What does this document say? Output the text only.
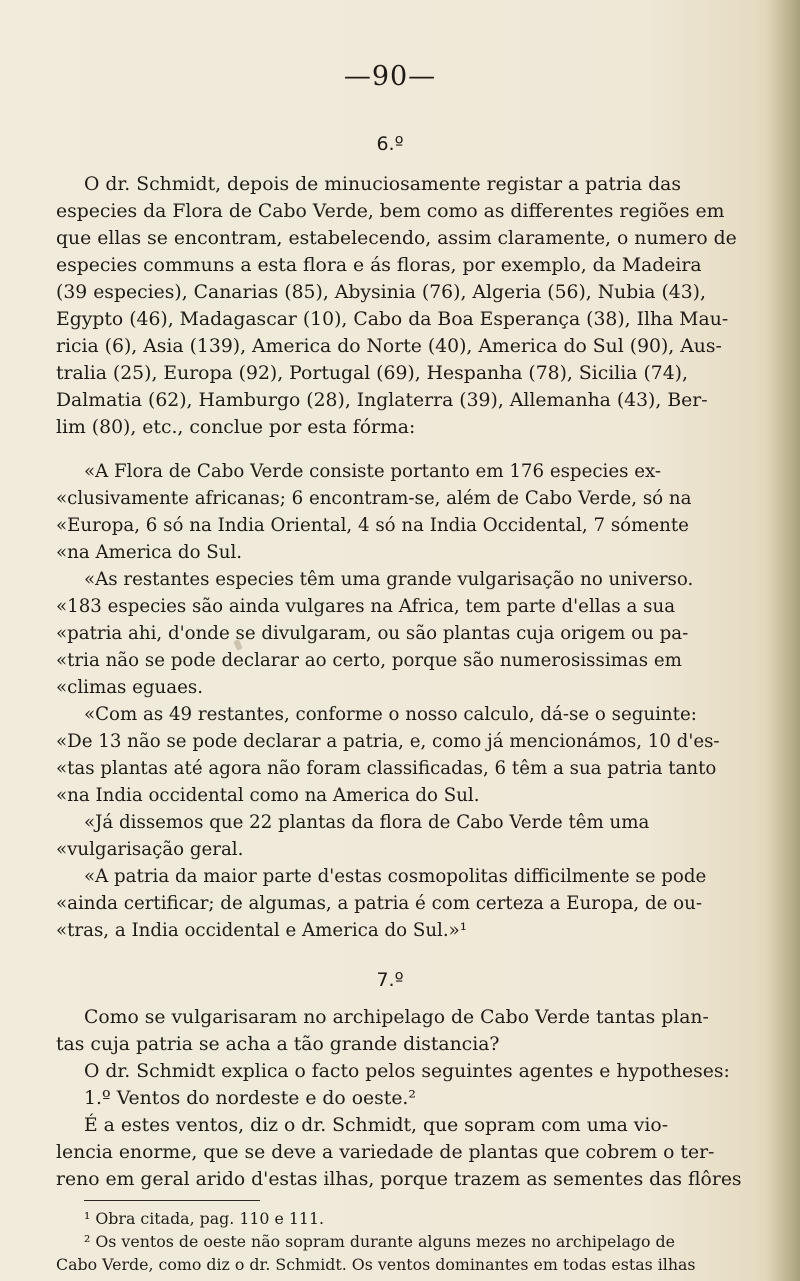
—90—
6.º
O dr. Schmidt, depois de minuciosamente registar a patria das
especies da Flora de Cabo Verde, bem como as differentes regiões em
que ellas se encontram, estabelecendo, assim claramente, o numero de
especies communs a esta flora e ás floras, por exemplo, da Madeira
(39 especies), Canarias (85), Abysinia (76), Algeria (56), Nubia (43),
Egypto (46), Madagascar (10), Cabo da Boa Esperança (38), Ilha Mau-
ricia (6), Asia (139), America do Norte (40), America do Sul (90), Aus-
tralia (25), Europa (92), Portugal (69), Hespanha (78), Sicilia (74),
Dalmatia (62), Hamburgo (28), Inglaterra (39), Allemanha (43), Ber-
lim (80), etc., conclue por esta fórma:
«A Flora de Cabo Verde consiste portanto em 176 especies ex-
«clusivamente africanas; 6 encontram-se, além de Cabo Verde, só na
«Europa, 6 só na India Oriental, 4 só na India Occidental, 7 sómente
«na America do Sul.
«As restantes especies têm uma grande vulgarisação no universo.
«183 especies são ainda vulgares na Africa, tem parte d'ellas a sua
«patria ahi, d'onde se divulgaram, ou são plantas cuja origem ou pa-
«tria não se pode declarar ao certo, porque são numerosissimas em
«climas eguaes.
«Com as 49 restantes, conforme o nosso calculo, dá-se o seguinte:
«De 13 não se pode declarar a patria, e, como já mencionámos, 10 d'es-
«tas plantas até agora não foram classificadas, 6 têm a sua patria tanto
«na India occidental como na America do Sul.
«Já dissemos que 22 plantas da flora de Cabo Verde têm uma
«vulgarisação geral.
«A patria da maior parte d'estas cosmopolitas difficilmente se pode
«ainda certificar; de algumas, a patria é com certeza a Europa, de ou-
«tras, a India occidental e America do Sul.»¹
7.º
Como se vulgarisaram no archipelago de Cabo Verde tantas plan-
tas cuja patria se acha a tão grande distancia?
O dr. Schmidt explica o facto pelos seguintes agentes e hypotheses:
1.º Ventos do nordeste e do oeste.²
É a estes ventos, diz o dr. Schmidt, que sopram com uma vio-
lencia enorme, que se deve a variedade de plantas que cobrem o ter-
reno em geral arido d'estas ilhas, porque trazem as sementes das flôres
¹ Obra citada, pag. 110 e 111.
² Os ventos de oeste não sopram durante alguns mezes no archipelago de
Cabo Verde, como diz o dr. Schmidt. Os ventos dominantes em todas estas ilhas
